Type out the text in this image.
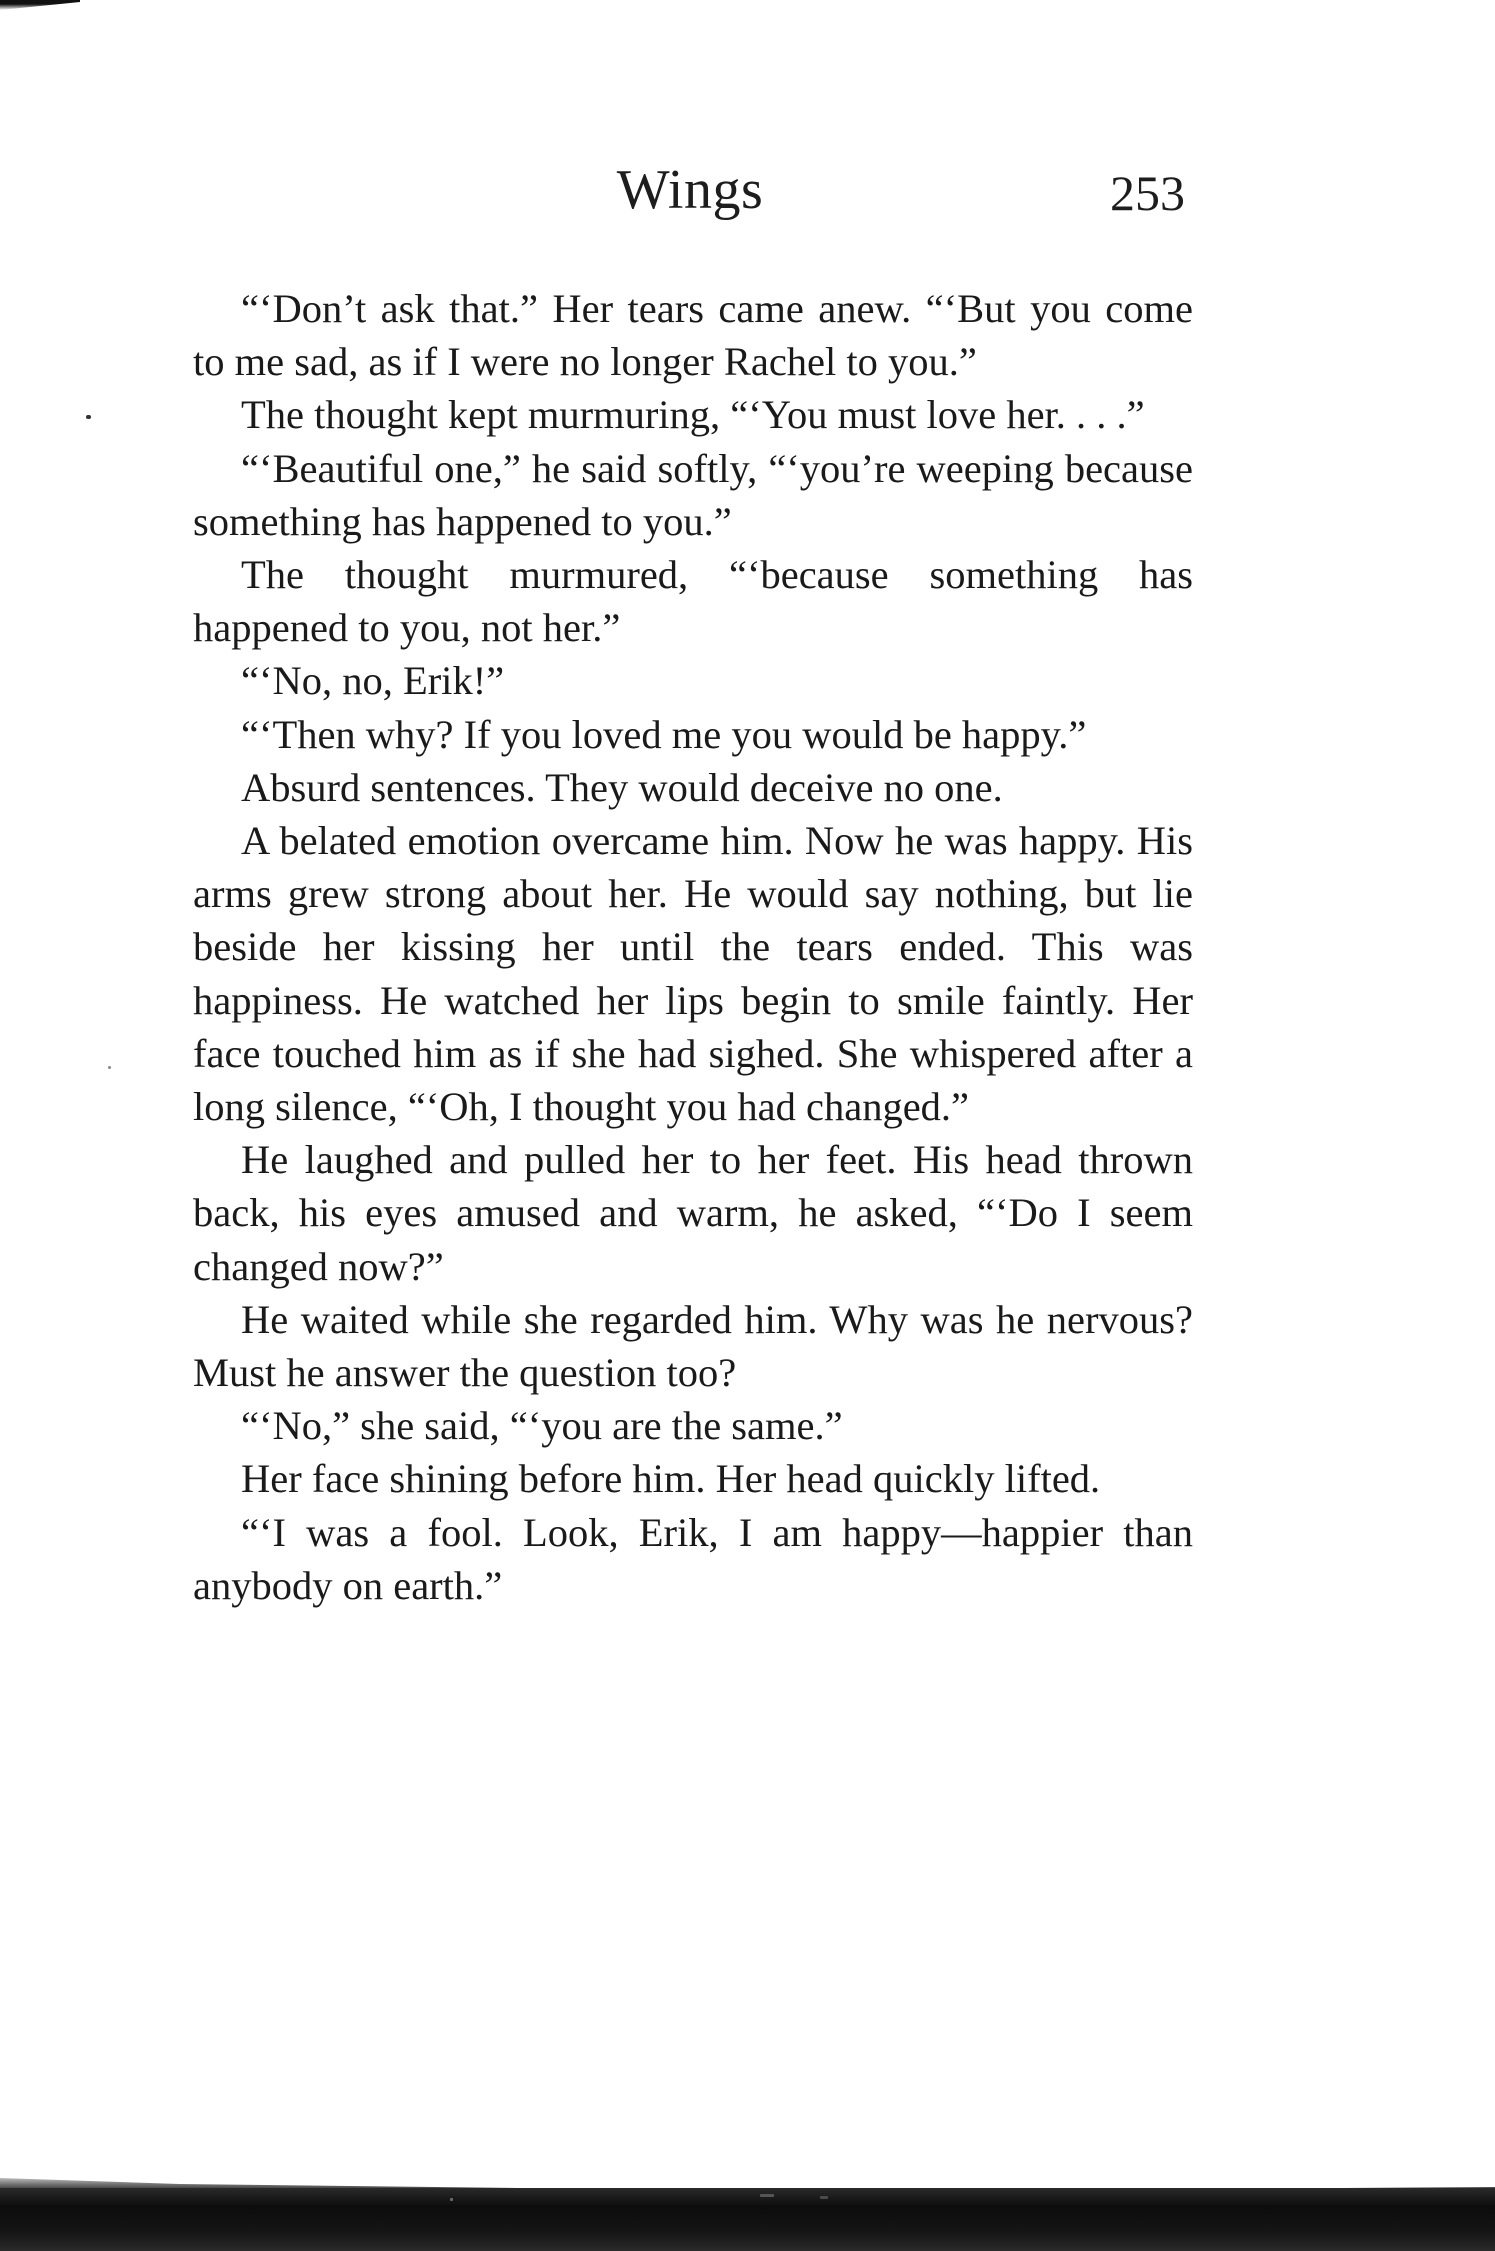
Wings	253

“‘Don’t ask that.” Her tears came anew. “‘But you come to me sad, as if I were no longer Rachel to you.”

The thought kept murmuring, “‘You must love her. . . .”

“‘Beautiful one,” he said softly, “‘you’re weeping because something has happened to you.”

The thought murmured, “‘because something has happened to you, not her.”

“‘No, no, Erik!”

“‘Then why? If you loved me you would be happy.”

Absurd sentences. They would deceive no one.

A belated emotion overcame him. Now he was happy. His arms grew strong about her. He would say nothing, but lie beside her kissing her until the tears ended. This was happiness. He watched her lips begin to smile faintly. Her face touched him as if she had sighed. She whispered after a long silence, “‘Oh, I thought you had changed.”

He laughed and pulled her to her feet. His head thrown back, his eyes amused and warm, he asked, “‘Do I seem changed now?”

He waited while she regarded him. Why was he nervous? Must he answer the question too?

“‘No,” she said, “‘you are the same.”

Her face shining before him. Her head quickly lifted.

“‘I was a fool. Look, Erik, I am happy—happier than anybody on earth.”
